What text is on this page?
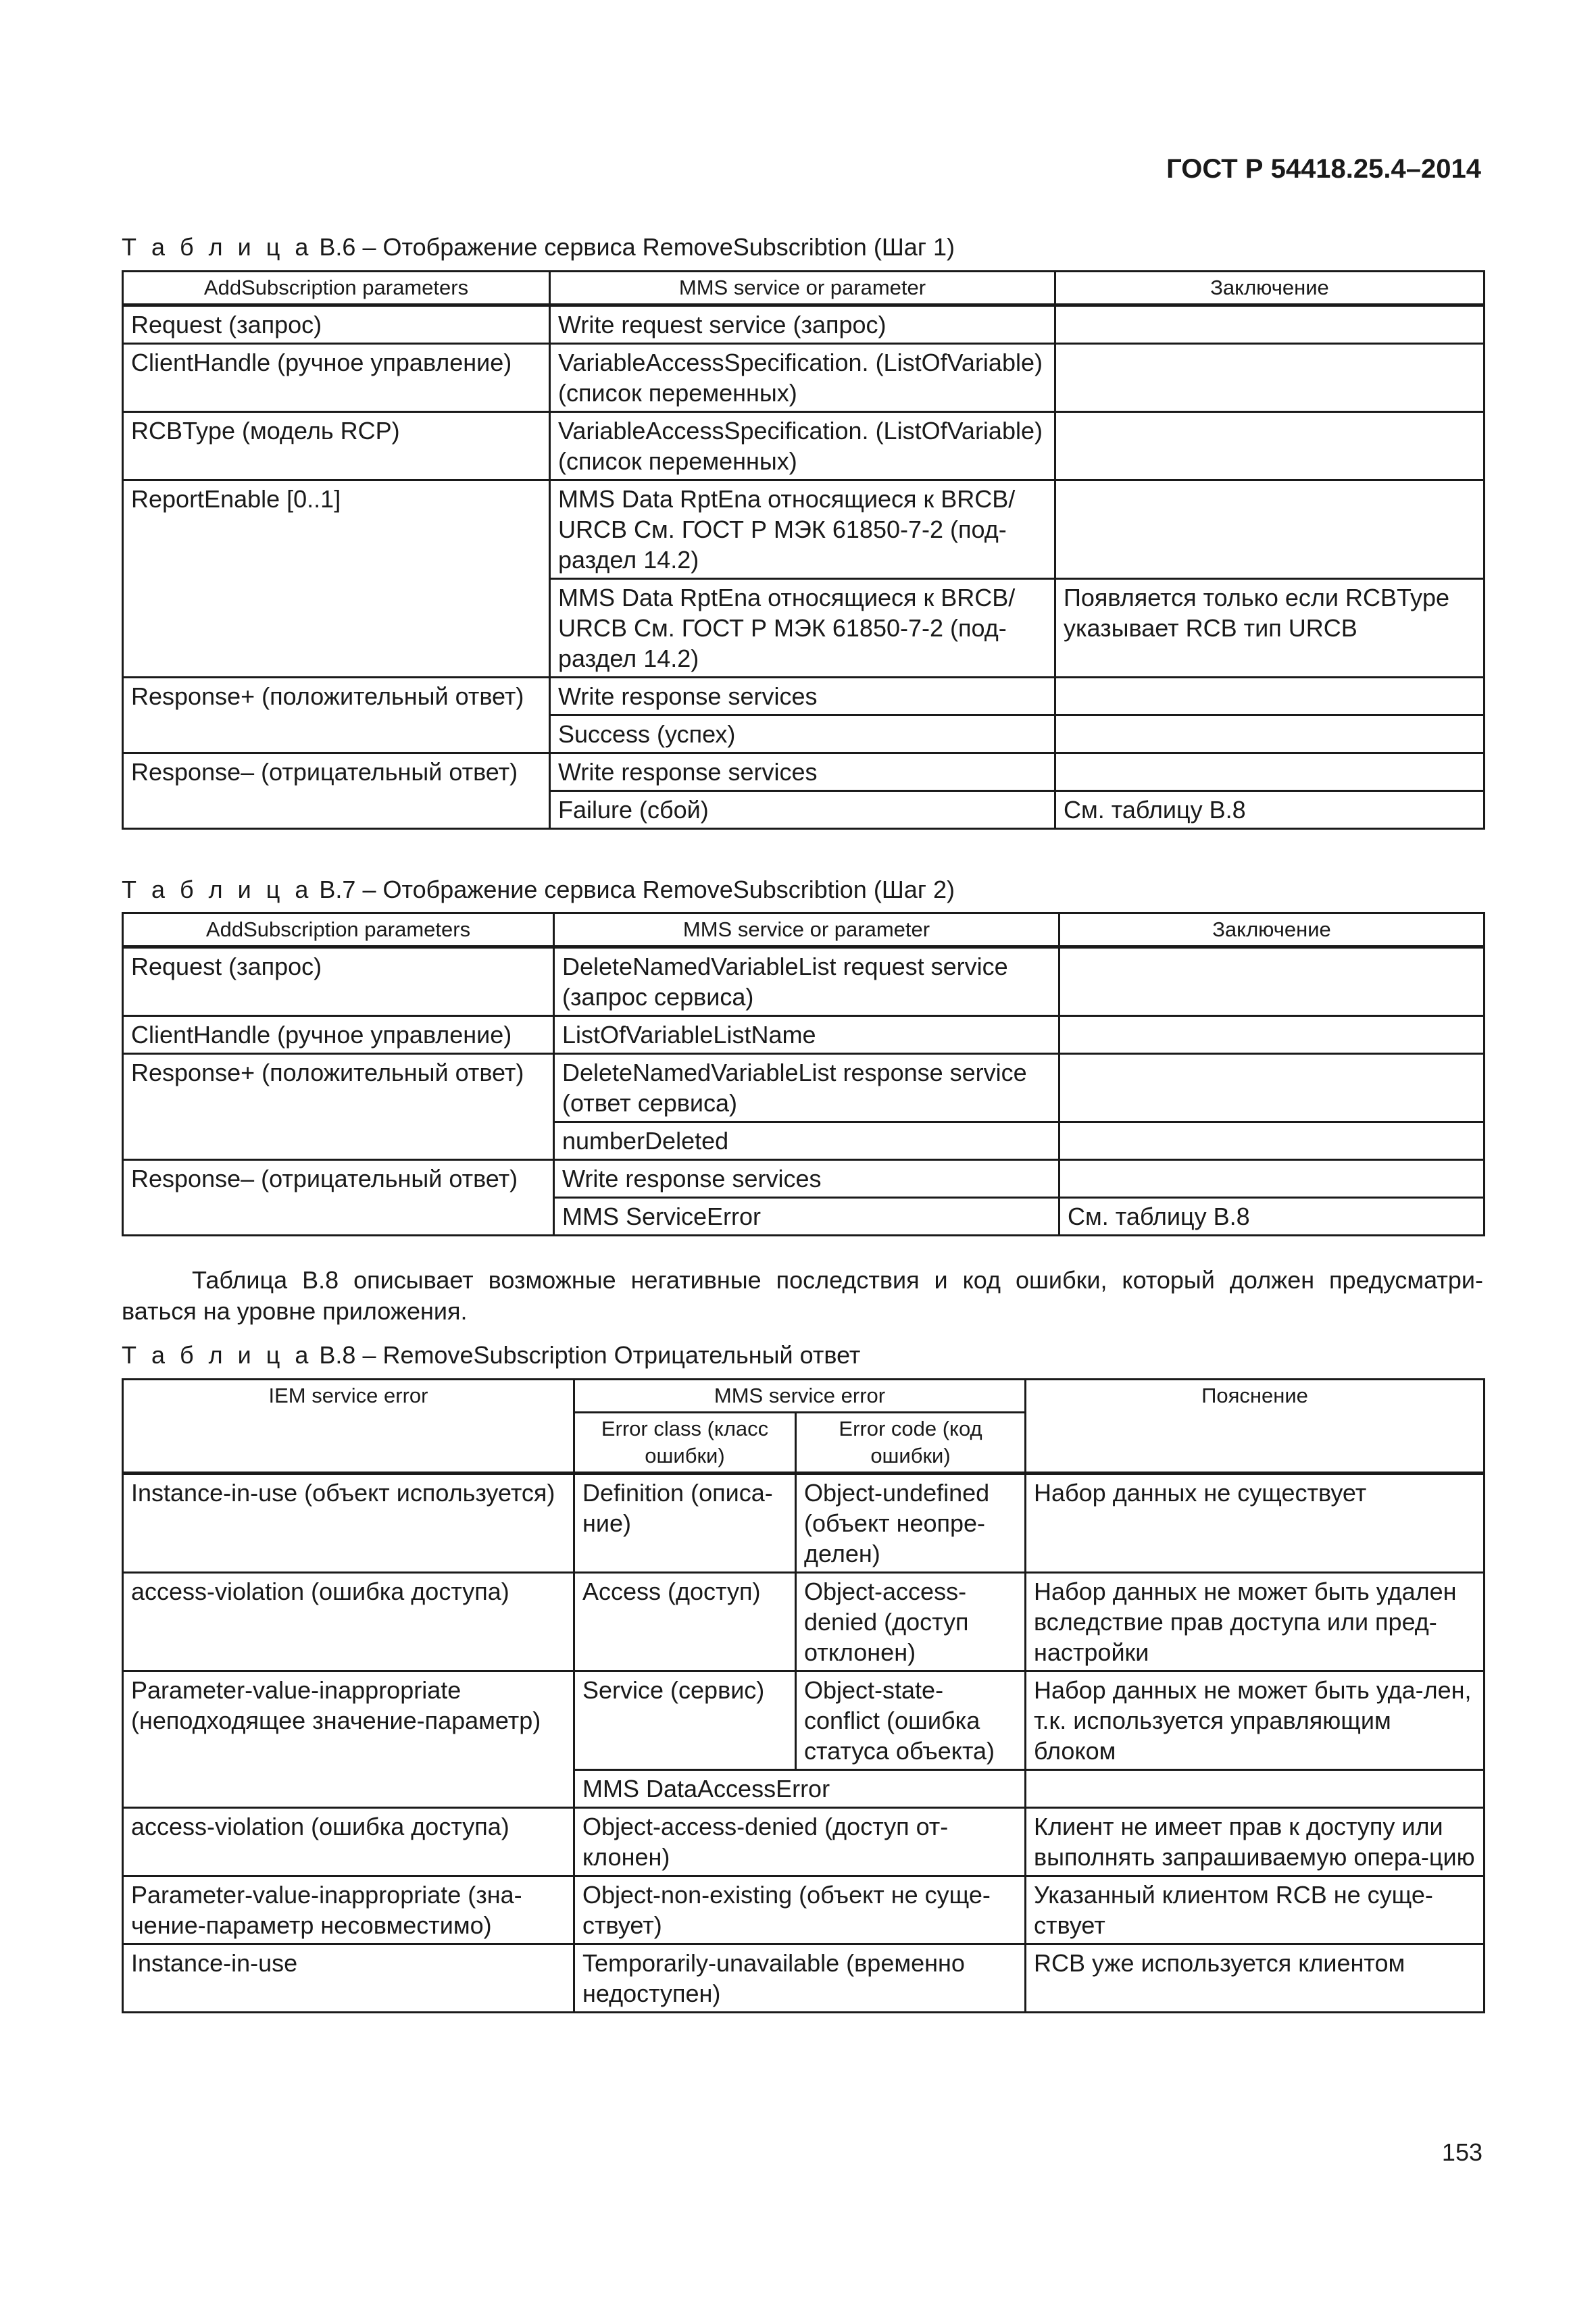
ГОСТ Р 54418.25.4–2014
Т а б л и ц а В.6 – Отображение сервиса RemoveSubscribtion (Шаг 1)
AddSubscription parameters	MMS service or parameter	Заключение
Request (запрос)	Write request service (запрос)	
ClientHandle (ручное управление)	VariableAccessSpecification. (ListOfVariable) (список переменных)	
RCBType (модель RCP)	VariableAccessSpecification. (ListOfVariable) (список переменных)	
ReportEnable [0..1]	MMS Data RptEna относящиеся к BRCB/ URCB См. ГОСТ Р МЭК 61850-7-2 (под-раздел 14.2)	
	MMS Data RptEna относящиеся к BRCB/ URCB См. ГОСТ Р МЭК 61850-7-2 (под-раздел 14.2)	Появляется только если RCBType указывает RCB тип URCB
Response+ (положительный ответ)	Write response services	
	Success (успех)	
Response– (отрицательный ответ)	Write response services	
	Failure (сбой)	См. таблицу В.8
Т а б л и ц а В.7 – Отображение сервиса RemoveSubscribtion (Шаг 2)
AddSubscription parameters	MMS service or parameter	Заключение
Request (запрос)	DeleteNamedVariableList request service (запрос сервиса)	
ClientHandle (ручное управление)	ListOfVariableListName	
Response+ (положительный ответ)	DeleteNamedVariableList response service (ответ сервиса)	
	numberDeleted	
Response– (отрицательный ответ)	Write response services	
	MMS ServiceError	См. таблицу В.8
Таблица В.8 описывает возможные негативные последствия и код ошибки, который должен предусматри-
ваться на уровне приложения.
Т а б л и ц а В.8 – RemoveSubscription Отрицательный ответ
IEM service error	MMS service error		Пояснение
	Error class (класс ошибки)	Error code (код ошибки)	
Instance-in-use (объект используется)	Definition (описа-ние)	Object-undefined (объект неопре-делен)	Набор данных не существует
access-violation (ошибка доступа)	Access (доступ)	Object-access-denied (доступ отклонен)	Набор данных не может быть удален вследствие прав доступа или пред-настройки
Parameter-value-inappropriate (неподходящее значение-параметр)	Service (сервис)	Object-state-conflict (ошибка статуса объекта)	Набор данных не может быть уда-лен, т.к. используется управляющим блоком
	MMS DataAccessError		
access-violation (ошибка доступа)	Object-access-denied (доступ от-клонен)		Клиент не имеет прав к доступу или выполнять запрашиваемую опера-цию
Parameter-value-inappropriate (зна-чение-параметр несовместимо)	Object-non-existing (объект не суще-ствует)		Указанный клиентом RCB не суще-ствует
Instance-in-use	Temporarily-unavailable (временно недоступен)		RCB уже используется клиентом
153
